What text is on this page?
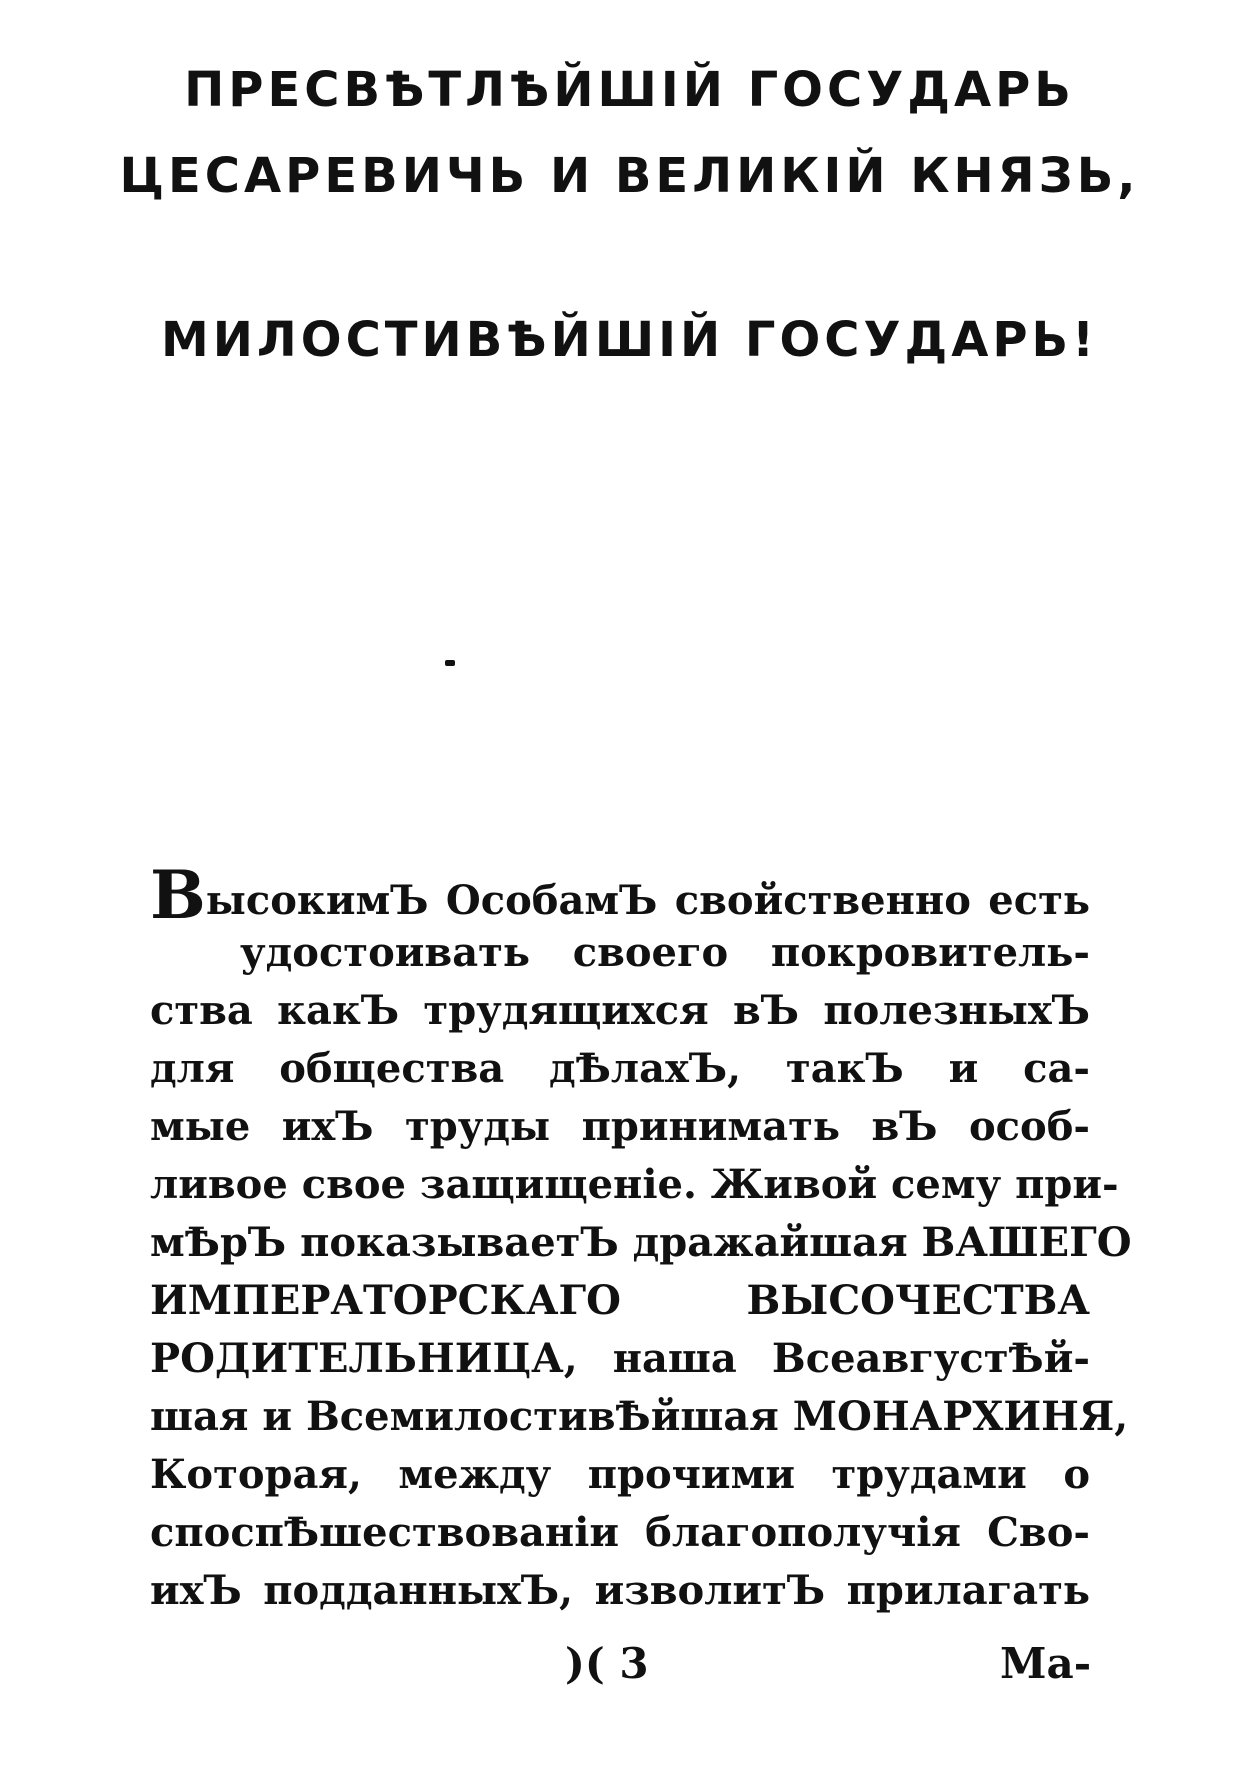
ПРЕСВѢТЛѢЙШІЙ ГОСУДАРЬ
ЦЕСАРЕВИЧЬ И ВЕЛИКІЙ КНЯЗЬ,
МИЛОСТИВѢЙШІЙ ГОСУДАРЬ!
ВысокимЪ ОсобамЪ свойственно есть
удостоивать своего покровитель-
ства какЪ трудящихся вЪ полезныхЪ
для общества дѢлахЪ, такЪ и са-
мые ихЪ труды принимать вЪ особ-
ливое свое защищеніе. Живой сему при-
мѢрЪ показываетЪ дражайшая ВАШЕГО
ИМПЕРАТОРСКАГО ВЫСОЧЕСТВА
РОДИТЕЛЬНИЦА, наша ВсеавгустѢй-
шая и ВсемилостивѢйшая МОНАРХИНЯ,
Которая, между прочими трудами о
споспѢшествованіи благополучія Сво-
ихЪ подданныхЪ, изволитЪ прилагать
)( 3	Ма-
